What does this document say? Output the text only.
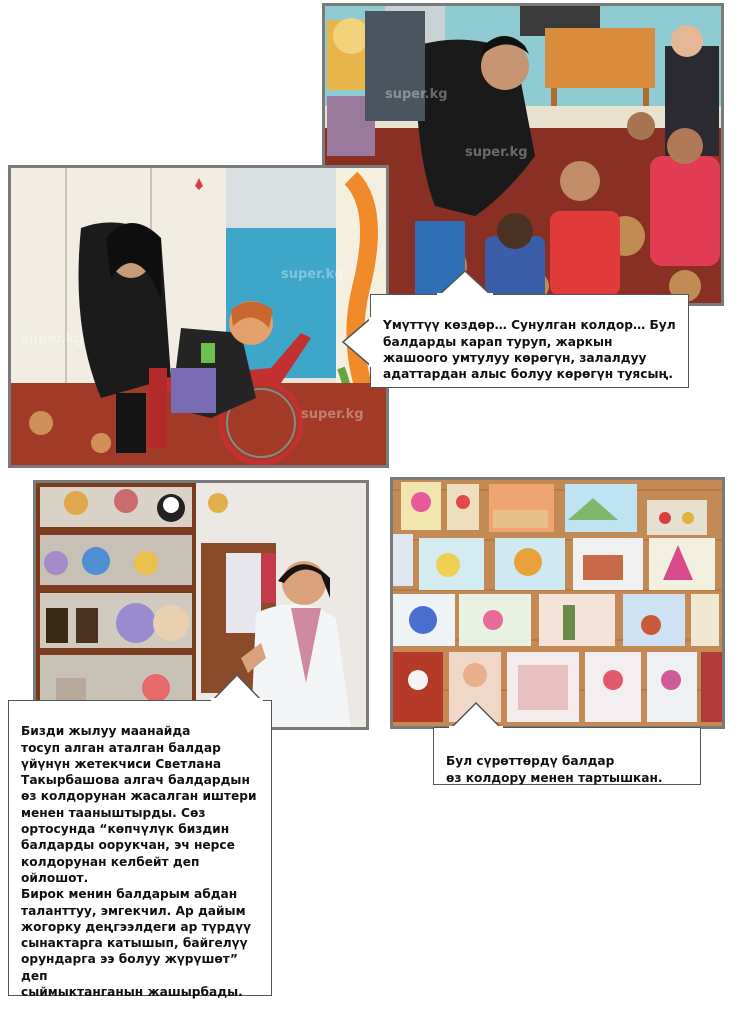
super.kg
super.kg
super.kg
super.kg
super.kg

Үмүттүү көздөр… Сунулган колдор… Бул балдарды карап туруп, жаркын жашоого умтулуу көрөгүн, залалдуу адаттардан алыс болуу көрөгүн туясың.

Бул сүрөттөрдү балдар
өз колдору менен тартышкан.

Бизди жылуу маанайда
тосуп алган аталган балдар
үйүнүн жетекчиси Светлана
Такырбашова алгач балдардын
өз колдорунан жасалган иштери
менен тааныштырды. Сөз
ортосунда “көпчүлүк биздин
балдарды оорукчан, эч нерсе
колдорунан келбейт деп ойлошот.
Бирок менин балдарым абдан
таланттуу, эмгекчил. Ар дайым
жогорку деңгээлдеги ар түрдүү
сынактарга катышып, байгелүү
орундарга ээ болуу жүрүшөт” деп
сыймыктанганын жашырбады.
